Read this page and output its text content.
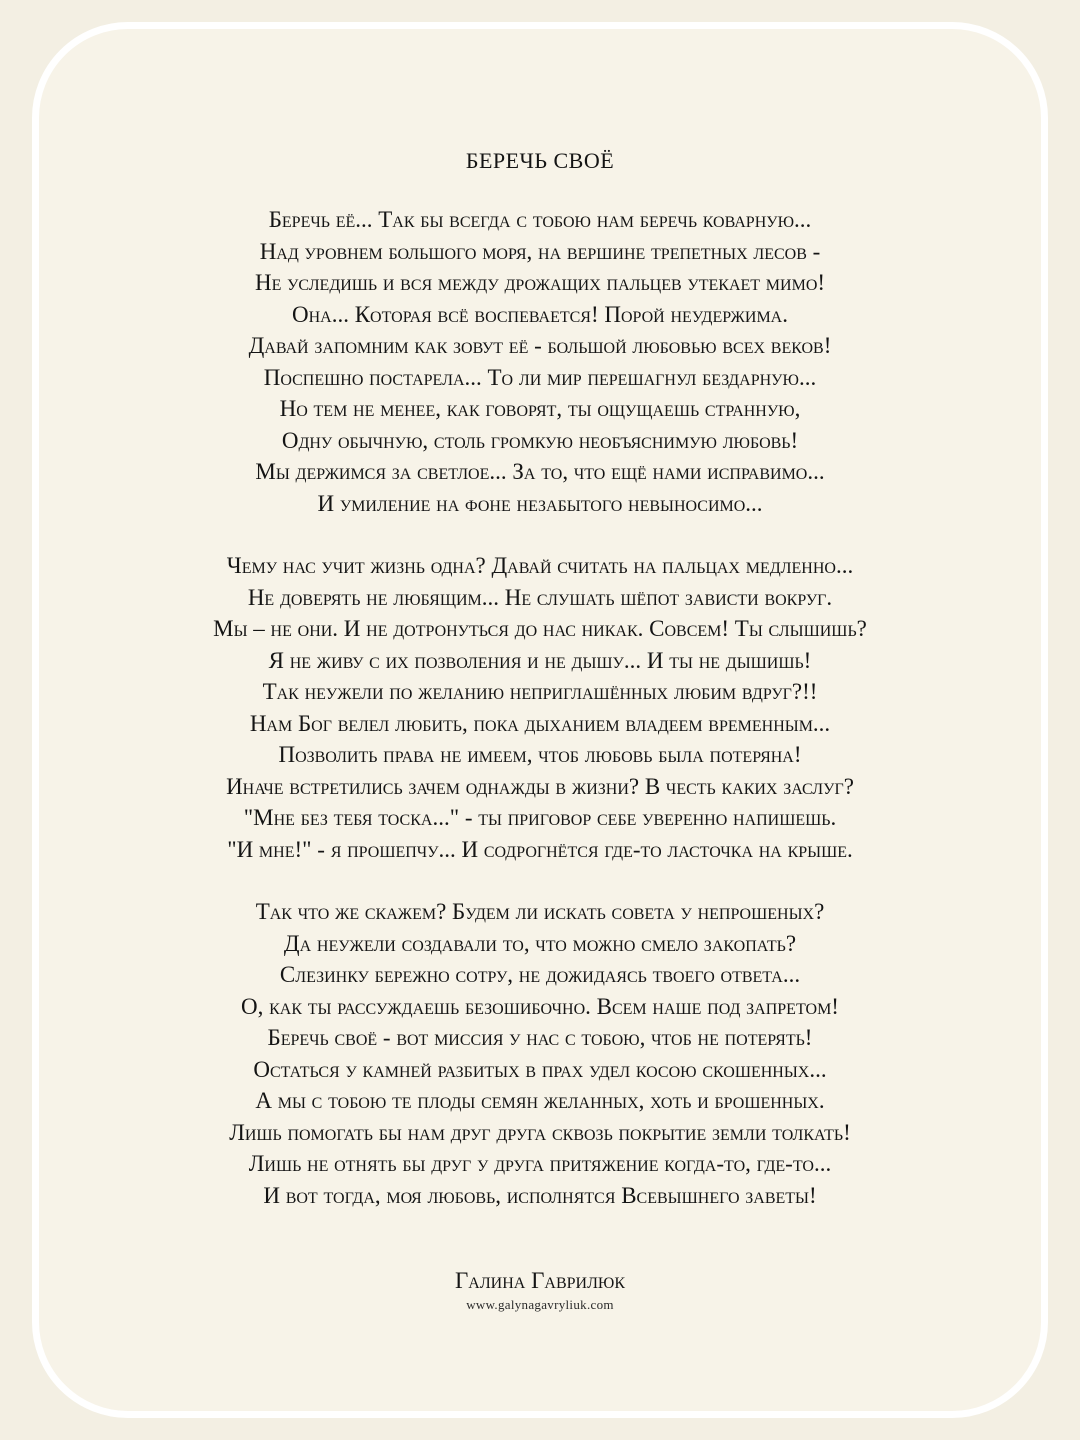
БЕРЕЧЬ СВОЁ
Беречь её... Так бы всегда с тобою нам беречь коварную...
Над уровнем большого моря, на вершине трепетных лесов -
Не уследишь и вся между дрожащих пальцев утекает мимо!
Она... Которая всё воспевается! Порой неудержима.
Давай запомним как зовут её - большой любовью всех веков!
Поспешно постарела... То ли мир перешагнул бездарную...
Но тем не менее, как говорят, ты ощущаешь странную,
Одну обычную, столь громкую необъяснимую любовь!
Мы держимся за светлое... За то, что ещё нами исправимо...
И умиление на фоне незабытого невыносимо...
Чему нас учит жизнь одна? Давай считать на пальцах медленно...
Не доверять не любящим... Не слушать шёпот зависти вокруг.
Мы – не они. И не дотронуться до нас никак. Совсем! Ты слышишь?
Я не живу с их позволения и не дышу... И ты не дышишь!
Так неужели по желанию неприглашённых любим вдруг?!!
Нам Бог велел любить, пока дыханием владеем временным...
Позволить права не имеем, чтоб любовь была потеряна!
Иначе встретились зачем однажды в жизни? В честь каких заслуг?
"Мне без тебя тоска..." - ты приговор себе уверенно напишешь.
"И мне!" - я прошепчу... И содрогнётся где-то ласточка на крыше.
Так что же скажем? Будем ли искать совета у непрошеных?
Да неужели создавали то, что можно смело закопать?
Слезинку бережно сотру, не дожидаясь твоего ответа...
О, как ты рассуждаешь безошибочно. Всем наше под запретом!
Беречь своё - вот миссия у нас с тобою, чтоб не потерять!
Остаться у камней разбитых в прах удел косою скошенных...
А мы с тобою те плоды семян желанных, хоть и брошенных.
Лишь помогать бы нам друг друга сквозь покрытие земли толкать!
Лишь не отнять бы друг у друга притяжение когда-то, где-то...
И вот тогда, моя любовь, исполнятся Всевышнего заветы!
Галина Гаврилюк
www.galynagavryliuk.com
